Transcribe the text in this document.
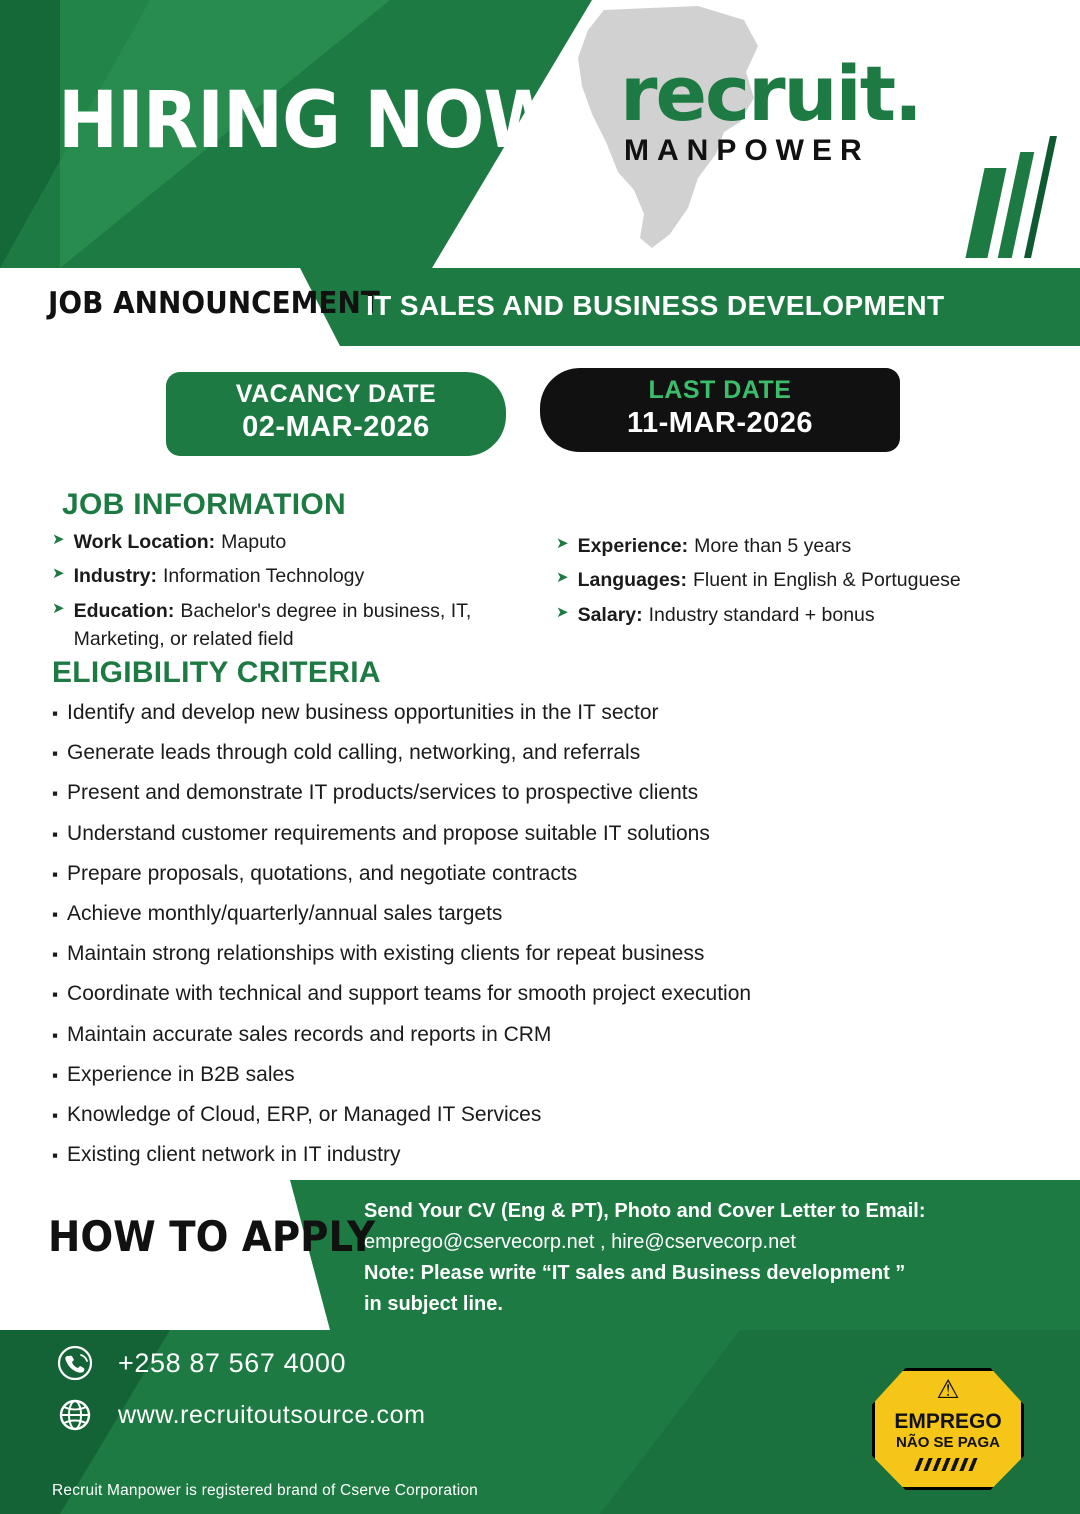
HIRING NOW recruit.
MANPOWER
JOB ANNOUNCEMENT
IT SALES AND BUSINESS DEVELOPMENT
VACANCY DATE
02-MAR-2026
LAST DATE
11-MAR-2026
JOB INFORMATION
➤ Work Location: Maputo
➤ Industry: Information Technology
➤ Education: Bachelor's degree in business, IT, Marketing, or related field
➤ Experience: More than 5 years
➤ Languages: Fluent in English & Portuguese
➤ Salary: Industry standard + bonus
ELIGIBILITY CRITERIA
▪ Identify and develop new business opportunities in the IT sector
▪ Generate leads through cold calling, networking, and referrals
▪ Present and demonstrate IT products/services to prospective clients
▪ Understand customer requirements and propose suitable IT solutions
▪ Prepare proposals, quotations, and negotiate contracts
▪ Achieve monthly/quarterly/annual sales targets
▪ Maintain strong relationships with existing clients for repeat business
▪ Coordinate with technical and support teams for smooth project execution
▪ Maintain accurate sales records and reports in CRM
▪ Experience in B2B sales
▪ Knowledge of Cloud, ERP, or Managed IT Services
▪ Existing client network in IT industry
HOW TO APPLY
Send Your CV (Eng & PT), Photo and Cover Letter to Email:
emprego@cservecorp.net , hire@cservecorp.net
Note: Please write “IT sales and Business development ”
in subject line.
+258 87 567 4000
www.recruitoutsource.com
Recruit Manpower is registered brand of Cserve Corporation
⚠
EMPREGO
NÃO SE PAGA
